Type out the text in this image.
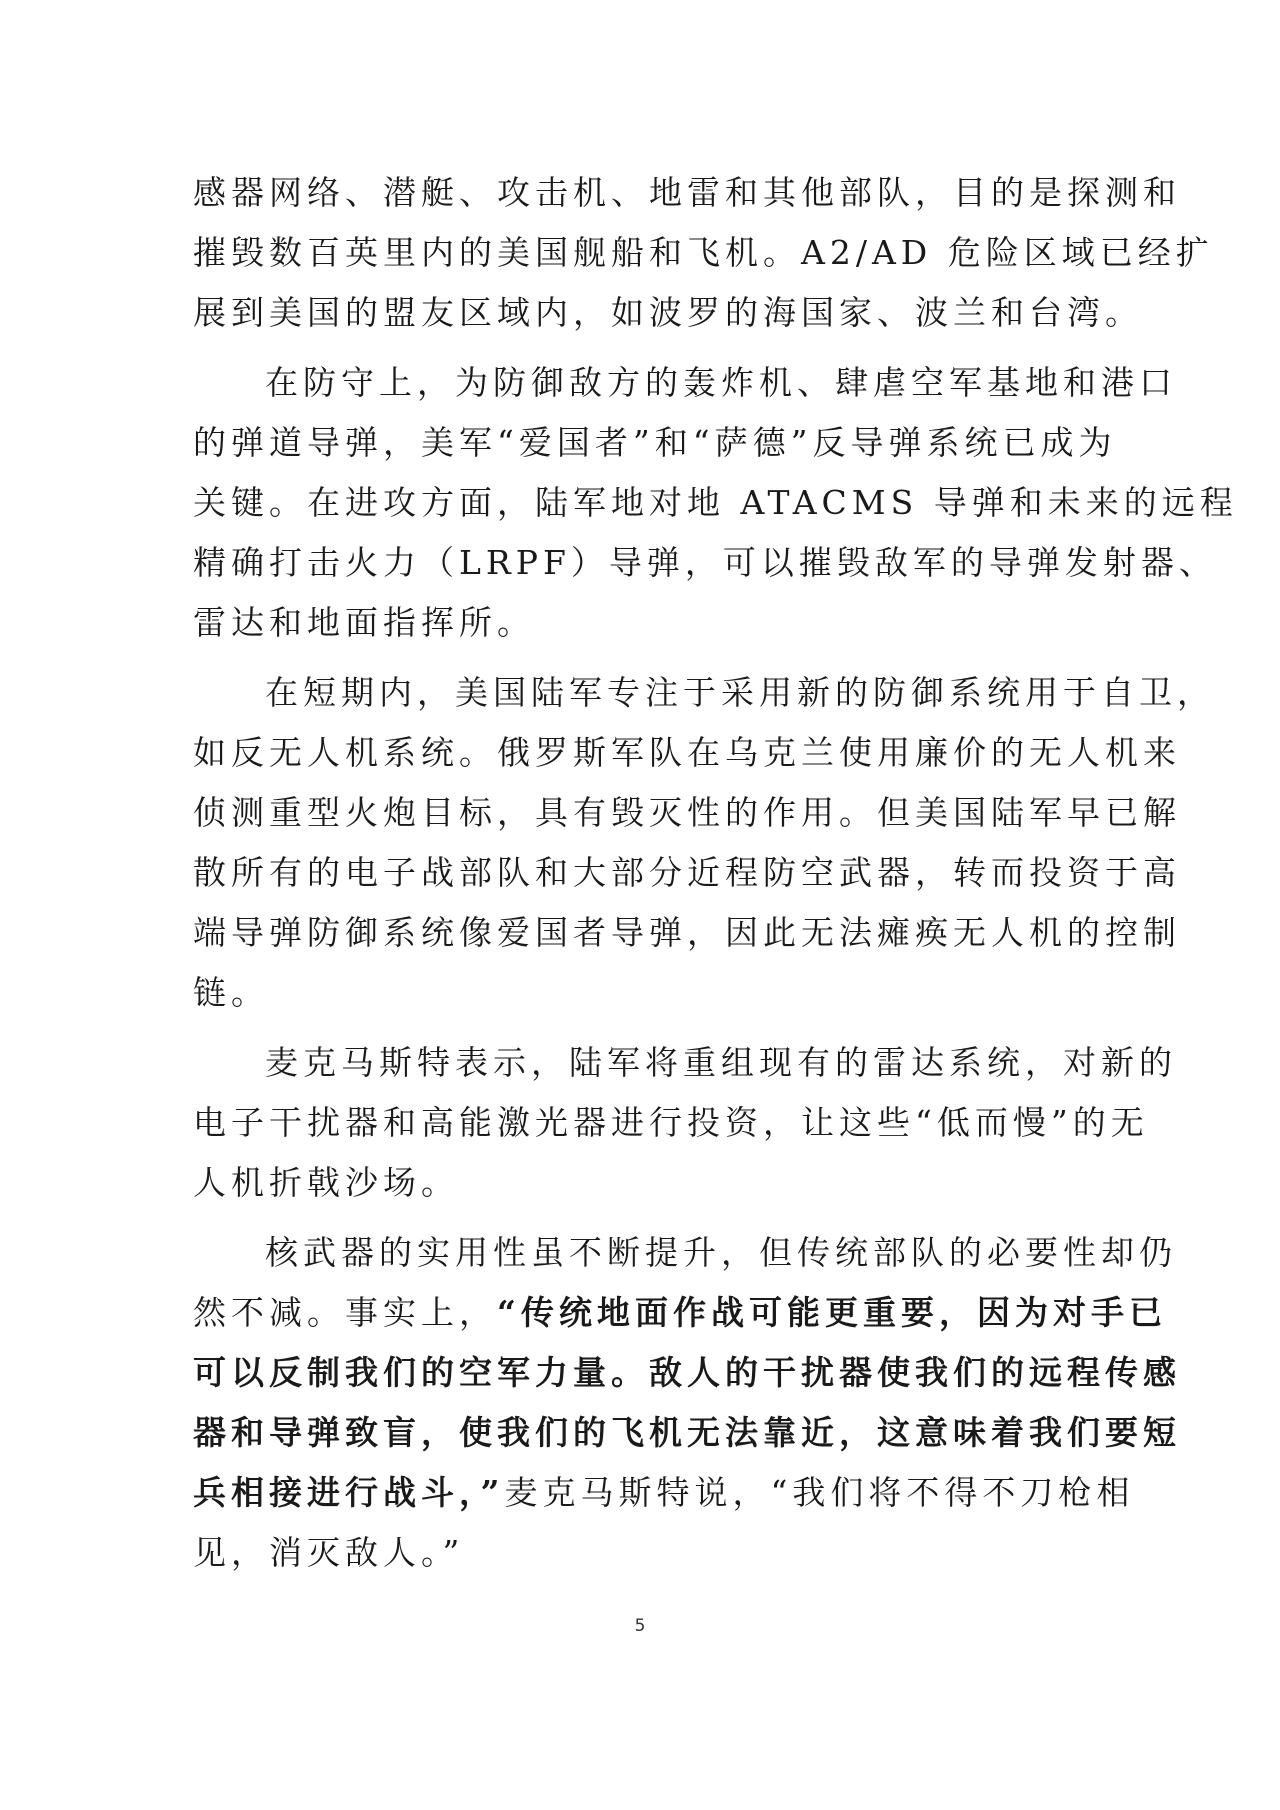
感器网络、潜艇、攻击机、地雷和其他部队，目的是探测和
摧毁数百英里内的美国舰船和飞机。A2/AD 危险区域已经扩
展到美国的盟友区域内，如波罗的海国家、波兰和台湾。

在防守上，为防御敌方的轰炸机、肆虐空军基地和港口
的弹道导弹，美军“爱国者”和“萨德”反导弹系统已成为
关键。在进攻方面，陆军地对地 ATACMS 导弹和未来的远程
精确打击火力（LRPF）导弹，可以摧毁敌军的导弹发射器、
雷达和地面指挥所。

在短期内，美国陆军专注于采用新的防御系统用于自卫，
如反无人机系统。俄罗斯军队在乌克兰使用廉价的无人机来
侦测重型火炮目标，具有毁灭性的作用。但美国陆军早已解
散所有的电子战部队和大部分近程防空武器，转而投资于高
端导弹防御系统像爱国者导弹，因此无法瘫痪无人机的控制
链。

麦克马斯特表示，陆军将重组现有的雷达系统，对新的
电子干扰器和高能激光器进行投资，让这些“低而慢”的无
人机折戟沙场。

核武器的实用性虽不断提升，但传统部队的必要性却仍
然不减。事实上，“传统地面作战可能更重要，因为对手已
可以反制我们的空军力量。敌人的干扰器使我们的远程传感
器和导弹致盲，使我们的飞机无法靠近，这意味着我们要短
兵相接进行战斗，”麦克马斯特说，“我们将不得不刀枪相
见，消灭敌人。”

5
